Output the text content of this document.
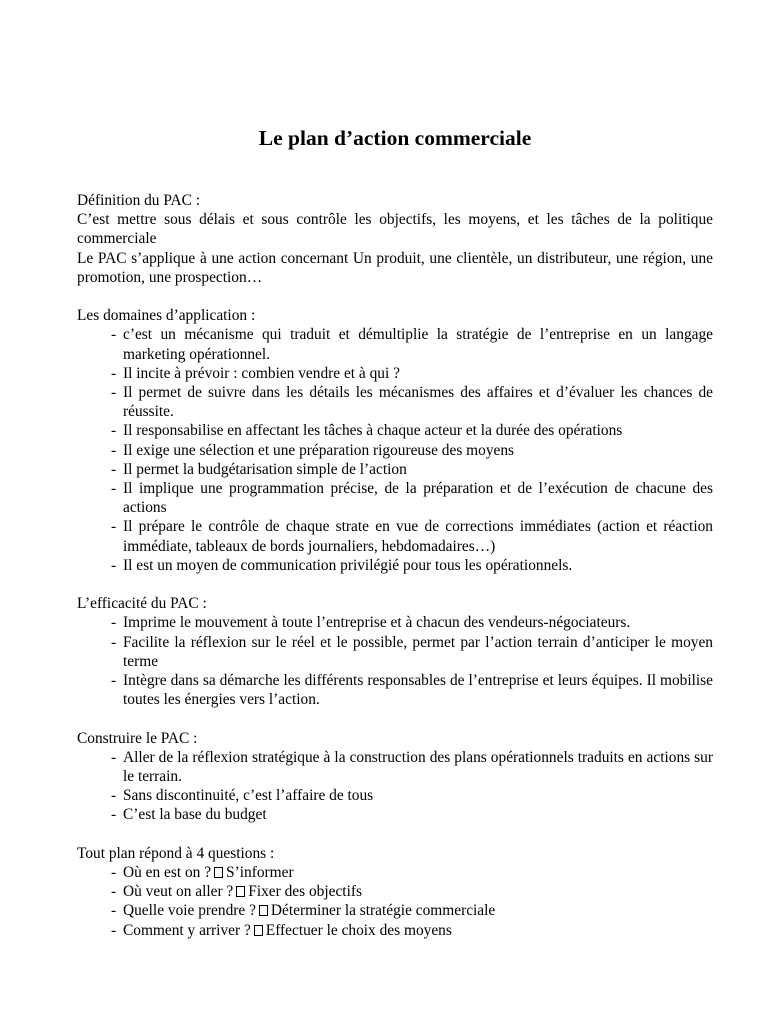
Le plan d’action commerciale

Définition du PAC :

C’est mettre sous délais et sous contrôle les objectifs, les moyens, et les tâches de la politique commerciale

Le PAC s’applique à une action concernant Un produit, une clientèle, un distributeur, une région, une promotion, une prospection…

Les domaines d’application :

- c’est un mécanisme qui traduit et démultiplie la stratégie de l’entreprise en un langage marketing opérationnel.
- Il incite à prévoir : combien vendre et à qui ?
- Il permet de suivre dans les détails les mécanismes des affaires et d’évaluer les chances de réussite.
- Il responsabilise en affectant les tâches à chaque acteur et la durée des opérations
- Il exige une sélection et une préparation rigoureuse des moyens
- Il permet la budgétarisation simple de l’action
- Il implique une programmation précise, de la préparation et de l’exécution de chacune des actions
- Il prépare le contrôle de chaque strate en vue de corrections immédiates (action et réaction immédiate, tableaux de bords journaliers, hebdomadaires…)
- Il est un moyen de communication privilégié pour tous les opérationnels.

L’efficacité du PAC :

- Imprime le mouvement à toute l’entreprise et à chacun des vendeurs-négociateurs.
- Facilite la réflexion sur le réel et le possible, permet par l’action terrain d’anticiper le moyen terme
- Intègre dans sa démarche les différents responsables de l’entreprise et leurs équipes. Il mobilise toutes les énergies vers l’action.

Construire le PAC :

- Aller de la réflexion stratégique à la construction des plans opérationnels traduits en actions sur le terrain.
- Sans discontinuité, c’est l’affaire de tous
- C’est la base du budget

Tout plan répond à 4 questions :

- Où en est on ? S’informer
- Où veut on aller ? Fixer des objectifs
- Quelle voie prendre ? Déterminer la stratégie commerciale
- Comment y arriver ? Effectuer le choix des moyens
